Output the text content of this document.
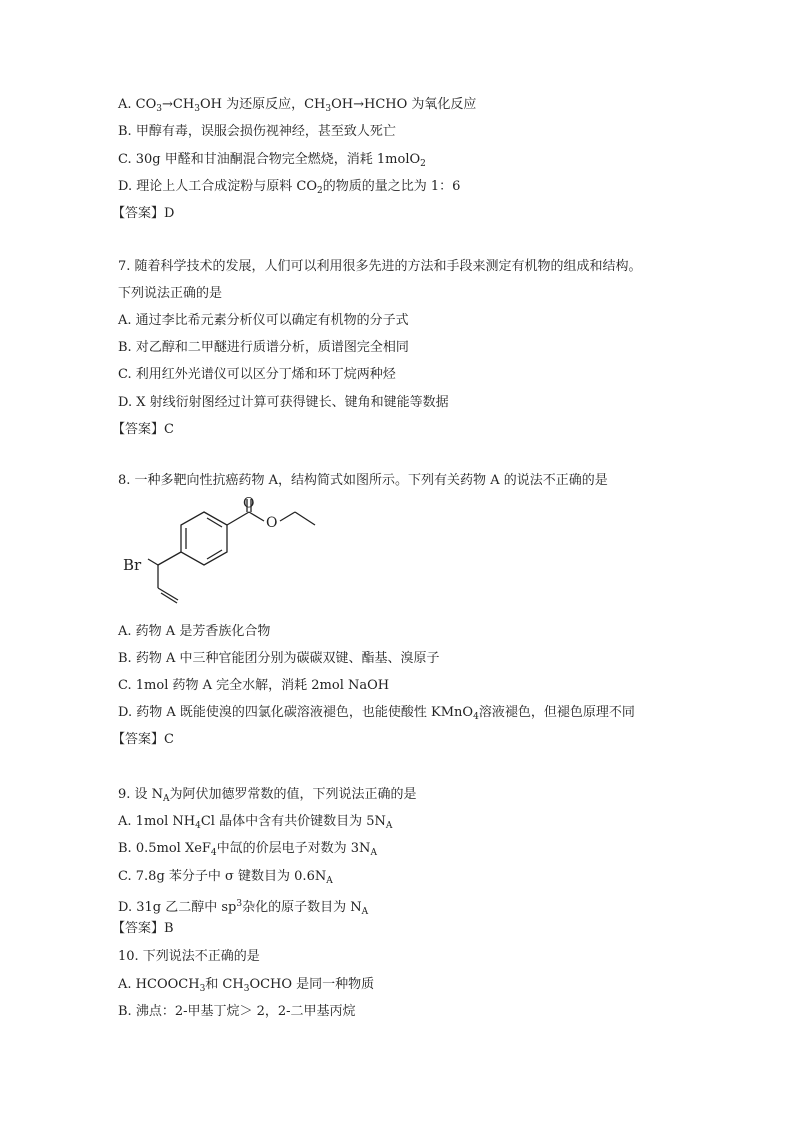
A. $CO_3\to CH_3OH$ 为还原反应，$CH_3OH\to HCHO$ 为氧化反应
B. 甲醇有毒，误服会损伤视神经，甚至致人死亡
C. 30g 甲醛和甘油酮混合物完全燃烧，消耗 1molO$_2$
D. 理论上人工合成淀粉与原料 $CO_2$的物质的量之比为 1：6
【答案】D
7. 随着科学技术的发展，人们可以利用很多先进的方法和手段来测定有机物的组成和结构。
下列说法正确的是
A. 通过李比希元素分析仪可以确定有机物的分子式
B. 对乙醇和二甲醚进行质谱分析，质谱图完全相同
C. 利用红外光谱仪可以区分丁烯和环丁烷两种烃
D. X 射线衍射图经过计算可获得键长、键角和键能等数据
【答案】C
8. 一种多靶向性抗癌药物 A，结构简式如图所示。下列有关药物 A 的说法不正确的是
Br
O
O
A. 药物 A 是芳香族化合物
B. 药物 A 中三种官能团分别为碳碳双键、酯基、溴原子
C. 1mol 药物 A 完全水解，消耗 2mol NaOH
D. 药物 A 既能使溴的四氯化碳溶液褪色，也能使酸性 KMnO$_4$溶液褪色，但褪色原理不同
【答案】C
9. 设 $N_A$为阿伏加德罗常数的值，下列说法正确的是
A. 1mol $NH_4Cl$ 晶体中含有共价键数目为 $5N_A$
B. 0.5mol XeF$_4$中氙的价层电子对数为 $3N_A$
C. 7.8g 苯分子中 σ 键数目为 $0.6N_A$
D. 31g 乙二醇中 $sp^3$杂化的原子数目为 $N_A$
【答案】B
10. 下列说法不正确的是
A. $HCOOCH_3$和 $CH_3OCHO$ 是同一种物质
B. 沸点：2-甲基丁烷＞ 2，2-二甲基丙烷
